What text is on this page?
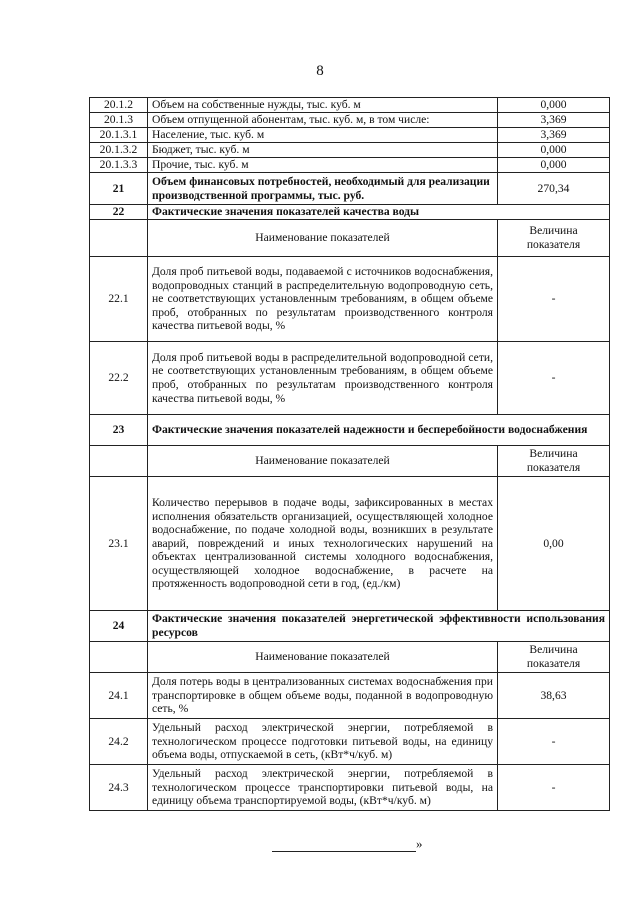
8
20.1.2	Объем на собственные нужды, тыс. куб. м	0,000
20.1.3	Объем отпущенной абонентам, тыс. куб. м, в том числе:	3,369
20.1.3.1	Население, тыс. куб. м	3,369
20.1.3.2	Бюджет, тыс. куб. м	0,000
20.1.3.3	Прочие, тыс. куб. м	0,000
21	Объем финансовых потребностей, необходимый для реализации производственной программы, тыс. руб.	270,34
22	Фактические значения показателей качества воды	
	Наименование показателей	Величина показателя
22.1	Доля проб питьевой воды, подаваемой с источников водоснабжения, водопроводных станций в распределительную водопроводную сеть, не соответствующих установленным требованиям, в общем объеме проб, отобранных по результатам производственного контроля качества питьевой воды, %	-
22.2	Доля проб питьевой воды в распределительной водопроводной сети, не соответствующих установленным требованиям, в общем объеме проб, отобранных по результатам производственного контроля качества питьевой воды, %	-
23	Фактические значения показателей надежности и бесперебойности водоснабжения	
	Наименование показателей	Величина показателя
23.1	Количество перерывов в подаче воды, зафиксированных в местах исполнения обязательств организацией, осуществляющей холодное водоснабжение, по подаче холодной воды, возникших в результате аварий, повреждений и иных технологических нарушений на объектах централизованной системы холодного водоснабжения, осуществляющей холодное водоснабжение, в расчете на протяженность водопроводной сети в год, (ед./км)	0,00
24	Фактические значения показателей энергетической эффективности использования ресурсов	
	Наименование показателей	Величина показателя
24.1	Доля потерь воды в централизованных системах водоснабжения при транспортировке в общем объеме воды, поданной в водопроводную сеть, %	38,63
24.2	Удельный расход электрической энергии, потребляемой в технологическом процессе подготовки питьевой воды, на единицу объема воды, отпускаемой в сеть, (кВт*ч/куб. м)	-
24.3	Удельный расход электрической энергии, потребляемой в технологическом процессе транспортировки питьевой воды, на единицу объема транспортируемой воды, (кВт*ч/куб. м)	-
»
